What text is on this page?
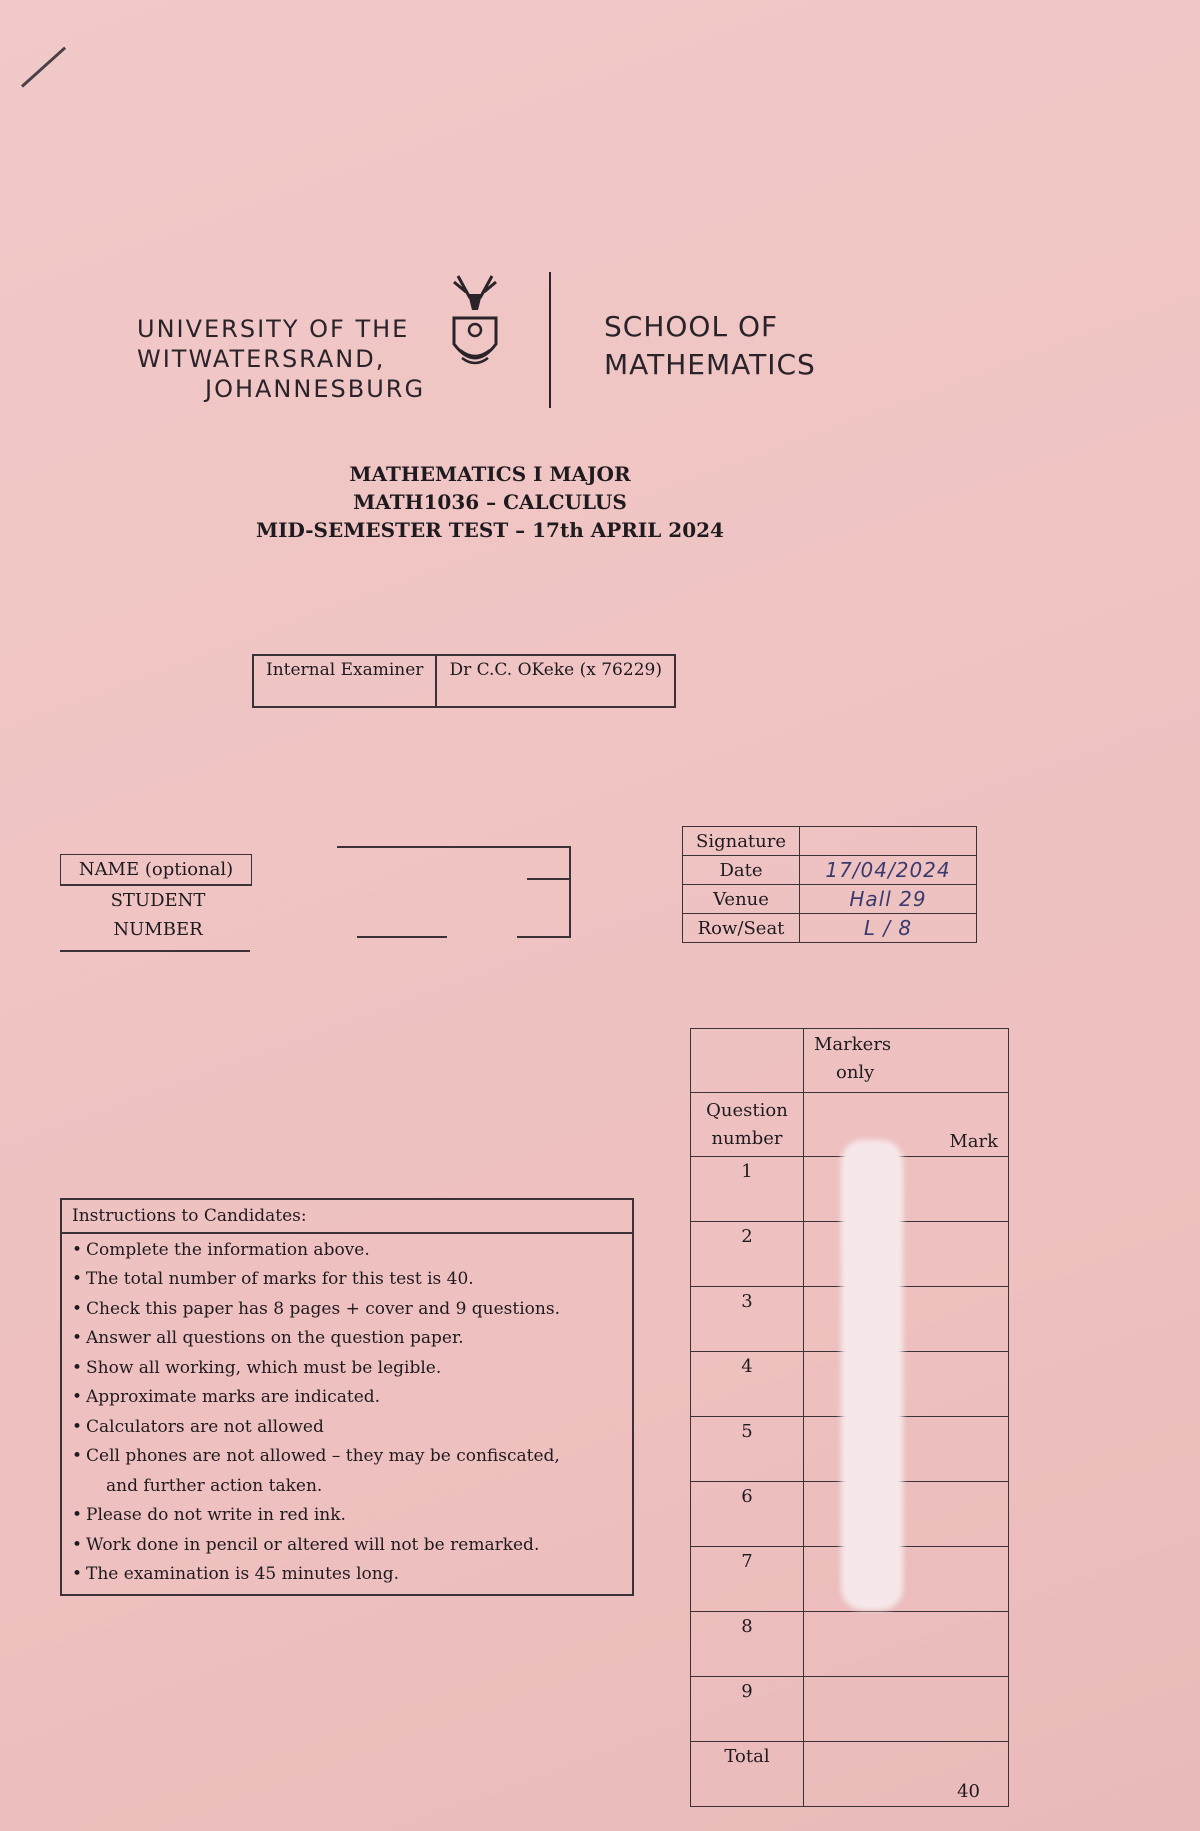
UNIVERSITY OF THE
WITWATERSRAND,
JOHANNESBURG
SCHOOL OF
MATHEMATICS
MATHEMATICS I MAJOR
MATH1036 – CALCULUS
MID-SEMESTER TEST – 17th APRIL 2024
Internal Examiner	Dr C.C. OKeke (x 76229)
NAME (optional)
STUDENT
NUMBER
Signature	
Date	17/04/2024
Venue	Hall 29
Row/Seat	L / 8

	Markers
only

Question
number	Mark
1	
2	
3	
4	
5	
6	
7	
8	
9	
Total	40
Instructions to Candidates:
• Complete the information above.
• The total number of marks for this test is 40.
• Check this paper has 8 pages + cover and 9 questions.
• Answer all questions on the question paper.
• Show all working, which must be legible.
• Approximate marks are indicated.
• Calculators are not allowed
• Cell phones are not allowed – they may be confiscated,
and further action taken.
• Please do not write in red ink.
• Work done in pencil or altered will not be remarked.
• The examination is 45 minutes long.
